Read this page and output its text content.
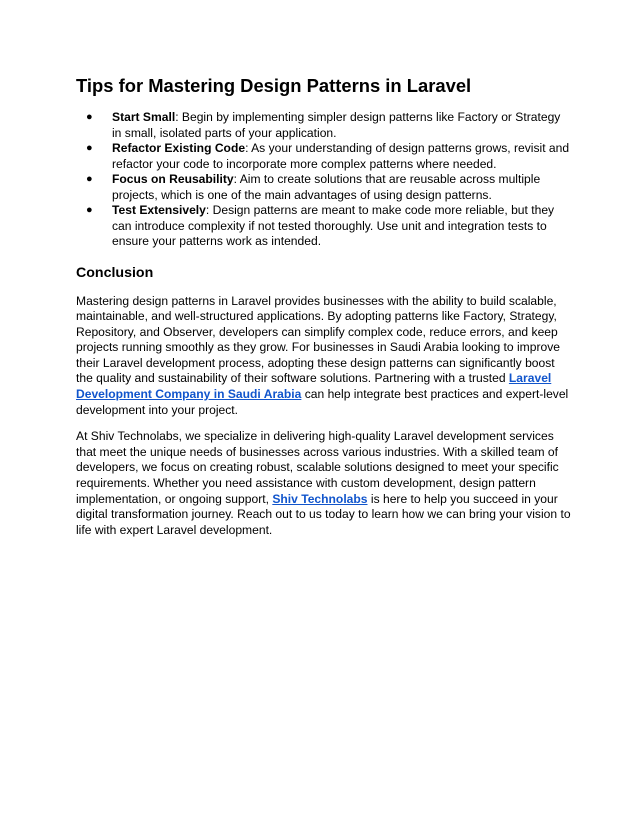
Tips for Mastering Design Patterns in Laravel
● Start Small: Begin by implementing simpler design patterns like Factory or Strategy in small, isolated parts of your application.
● Refactor Existing Code: As your understanding of design patterns grows, revisit and refactor your code to incorporate more complex patterns where needed.
● Focus on Reusability: Aim to create solutions that are reusable across multiple projects, which is one of the main advantages of using design patterns.
● Test Extensively: Design patterns are meant to make code more reliable, but they can introduce complexity if not tested thoroughly. Use unit and integration tests to ensure your patterns work as intended.
Conclusion

Mastering design patterns in Laravel provides businesses with the ability to build scalable, maintainable, and well-structured applications. By adopting patterns like Factory, Strategy, Repository, and Observer, developers can simplify complex code, reduce errors, and keep projects running smoothly as they grow. For businesses in Saudi Arabia looking to improve their Laravel development process, adopting these design patterns can significantly boost the quality and sustainability of their software solutions. Partnering with a trusted Laravel Development Company in Saudi Arabia can help integrate best practices and expert-level development into your project.

At Shiv Technolabs, we specialize in delivering high-quality Laravel development services that meet the unique needs of businesses across various industries. With a skilled team of developers, we focus on creating robust, scalable solutions designed to meet your specific requirements. Whether you need assistance with custom development, design pattern implementation, or ongoing support, Shiv Technolabs is here to help you succeed in your digital transformation journey. Reach out to us today to learn how we can bring your vision to life with expert Laravel development.
